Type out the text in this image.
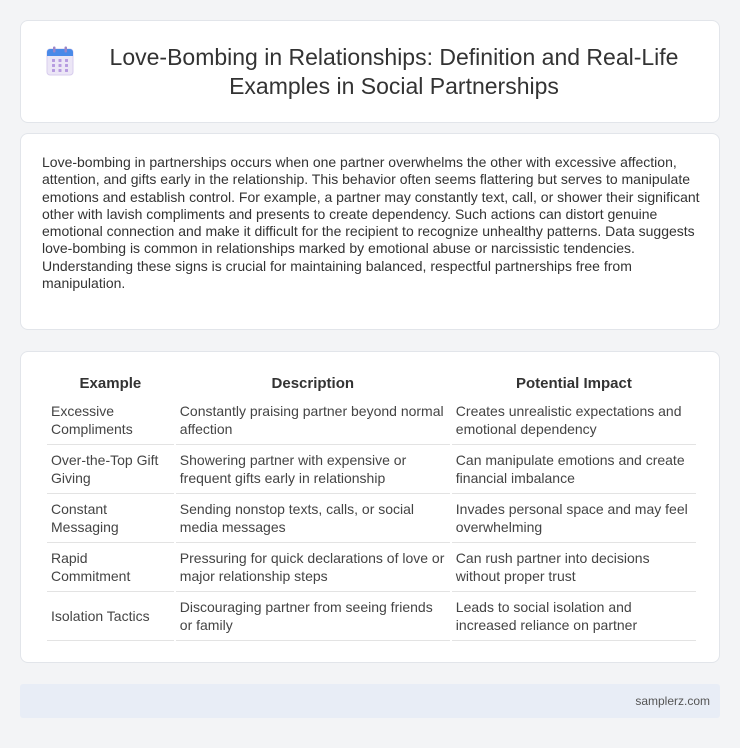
Love-Bombing in Relationships: Definition and Real-Life Examples in Social Partnerships

Love-bombing in partnerships occurs when one partner overwhelms the other with excessive affection, attention, and gifts early in the relationship. This behavior often seems flattering but serves to manipulate emotions and establish control. For example, a partner may constantly text, call, or shower their significant other with lavish compliments and presents to create dependency. Such actions can distort genuine emotional connection and make it difficult for the recipient to recognize unhealthy patterns. Data suggests love-bombing is common in relationships marked by emotional abuse or narcissistic tendencies. Understanding these signs is crucial for maintaining balanced, respectful partnerships free from manipulation.

Example	Description	Potential Impact
Excessive Compliments	Constantly praising partner beyond normal affection	Creates unrealistic expectations and emotional dependency
Over-the-Top Gift Giving	Showering partner with expensive or frequent gifts early in relationship	Can manipulate emotions and create financial imbalance
Constant Messaging	Sending nonstop texts, calls, or social media messages	Invades personal space and may feel overwhelming
Rapid Commitment	Pressuring for quick declarations of love or major relationship steps	Can rush partner into decisions without proper trust
Isolation Tactics	Discouraging partner from seeing friends or family	Leads to social isolation and increased reliance on partner
samplerz.com
